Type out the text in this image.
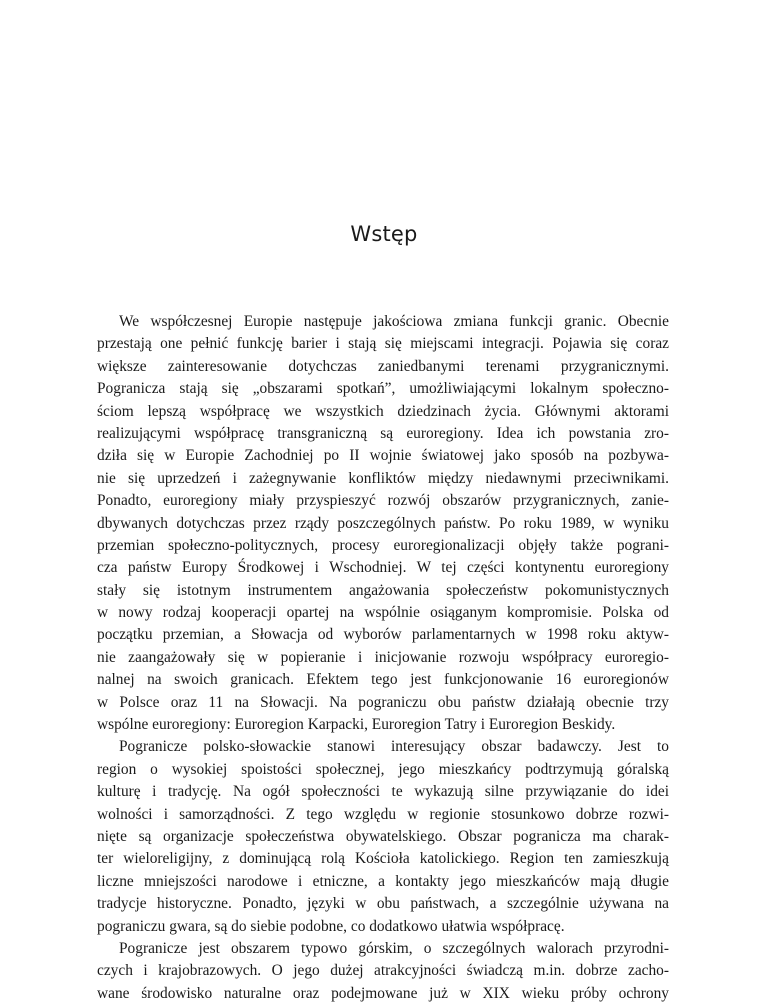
Wstęp
We współczesnej Europie następuje jakościowa zmiana funkcji granic. Obecnie
przestają one pełnić funkcję barier i stają się miejscami integracji. Pojawia się coraz
większe zainteresowanie dotychczas zaniedbanymi terenami przygranicznymi.
Pogranicza stają się „obszarami spotkań”, umożliwiającymi lokalnym społeczno-
ściom lepszą współpracę we wszystkich dziedzinach życia. Głównymi aktorami
realizującymi współpracę transgraniczną są euroregiony. Idea ich powstania zro-
dziła się w Europie Zachodniej po II wojnie światowej jako sposób na pozbywa-
nie się uprzedzeń i zażegnywanie konfliktów między niedawnymi przeciwnikami.
Ponadto, euroregiony miały przyspieszyć rozwój obszarów przygranicznych, zanie-
dbywanych dotychczas przez rządy poszczególnych państw. Po roku 1989, w wyniku
przemian społeczno-politycznych, procesy euroregionalizacji objęły także pograni-
cza państw Europy Środkowej i Wschodniej. W tej części kontynentu euroregiony
stały się istotnym instrumentem angażowania społeczeństw pokomunistycznych
w nowy rodzaj kooperacji opartej na wspólnie osiąganym kompromisie. Polska od
początku przemian, a Słowacja od wyborów parlamentarnych w 1998 roku aktyw-
nie zaangażowały się w popieranie i inicjowanie rozwoju współpracy euroregio-
nalnej na swoich granicach. Efektem tego jest funkcjonowanie 16 euroregionów
w Polsce oraz 11 na Słowacji. Na pograniczu obu państw działają obecnie trzy
wspólne euroregiony: Euroregion Karpacki, Euroregion Tatry i Euroregion Beskidy.
Pogranicze polsko-słowackie stanowi interesujący obszar badawczy. Jest to
region o wysokiej spoistości społecznej, jego mieszkańcy podtrzymują góralską
kulturę i tradycję. Na ogół społeczności te wykazują silne przywiązanie do idei
wolności i samorządności. Z tego względu w regionie stosunkowo dobrze rozwi-
nięte są organizacje społeczeństwa obywatelskiego. Obszar pogranicza ma charak-
ter wieloreligijny, z dominującą rolą Kościoła katolickiego. Region ten zamieszkują
liczne mniejszości narodowe i etniczne, a kontakty jego mieszkańców mają długie
tradycje historyczne. Ponadto, języki w obu państwach, a szczególnie używana na
pograniczu gwara, są do siebie podobne, co dodatkowo ułatwia współpracę.
Pogranicze jest obszarem typowo górskim, o szczególnych walorach przyrodni-
czych i krajobrazowych. O jego dużej atrakcyjności świadczą m.in. dobrze zacho-
wane środowisko naturalne oraz podejmowane już w XIX wieku próby ochrony
